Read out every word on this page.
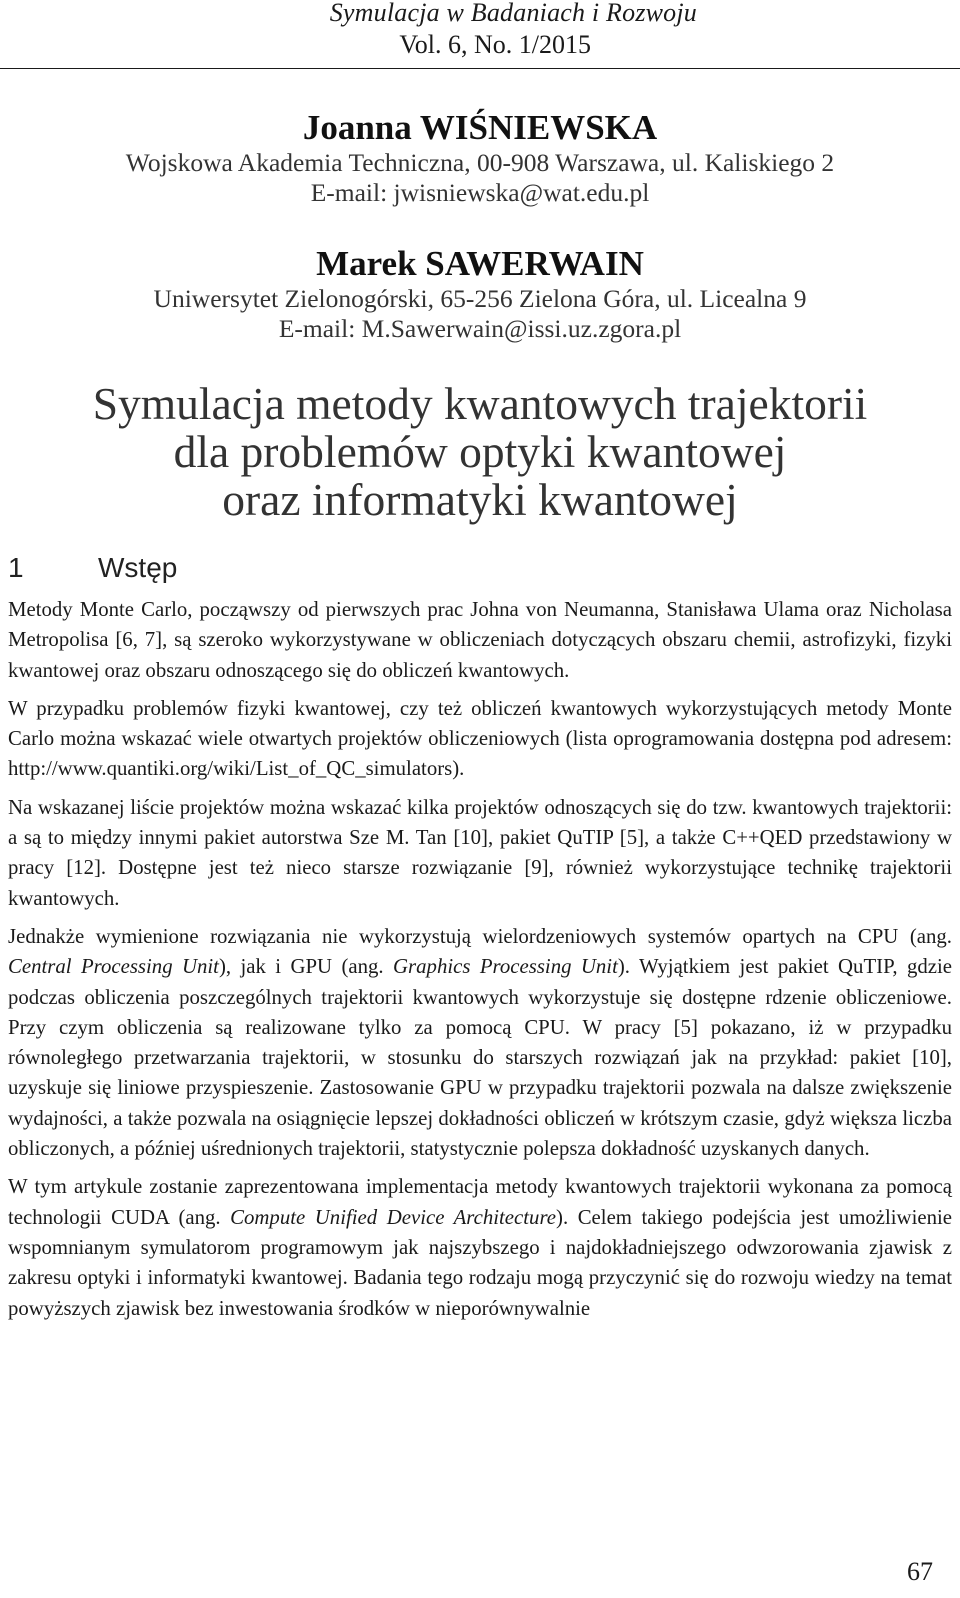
Symulacja w Badaniach i Rozwoju
Vol. 6, No. 1/2015
Joanna WIŚNIEWSKA
Wojskowa Akademia Techniczna, 00-908 Warszawa, ul. Kaliskiego 2
E-mail: jwisniewska@wat.edu.pl
Marek SAWERWAIN
Uniwersytet Zielonogórski, 65-256 Zielona Góra, ul. Licealna 9
E-mail: M.Sawerwain@issi.uz.zgora.pl
Symulacja metody kwantowych trajektorii
dla problemów optyki kwantowej
oraz informatyki kwantowej
1	Wstęp

Metody Monte Carlo, począwszy od pierwszych prac Johna von Neumanna, Stanisława Ulama oraz Nicholasa Metropolisa [6, 7], są szeroko wykorzystywane w obliczeniach dotyczących obszaru chemii, astrofizyki, fizyki kwantowej oraz obszaru odnoszącego się do obliczeń kwantowych.

W przypadku problemów fizyki kwantowej, czy też obliczeń kwantowych wykorzystujących metody Monte Carlo można wskazać wiele otwartych projektów obliczeniowych (lista oprogramowania dostępna pod adresem: http://www.quantiki.org/wiki/List_of_QC_simulators).

Na wskazanej liście projektów można wskazać kilka projektów odnoszących się do tzw. kwantowych trajektorii: a są to między innymi pakiet autorstwa Sze M. Tan [10], pakiet QuTIP [5], a także C++QED przedstawiony w pracy [12]. Dostępne jest też nieco starsze rozwiązanie [9], również wykorzystujące technikę trajektorii kwantowych.

Jednakże wymienione rozwiązania nie wykorzystują wielordzeniowych systemów opartych na CPU (ang. Central Processing Unit), jak i GPU (ang. Graphics Processing Unit). Wyjątkiem jest pakiet QuTIP, gdzie podczas obliczenia poszczególnych trajektorii kwantowych wykorzystuje się dostępne rdzenie obliczeniowe. Przy czym obliczenia są realizowane tylko za pomocą CPU. W pracy [5] pokazano, iż w przypadku równoległego przetwarzania trajektorii, w stosunku do starszych rozwiązań jak na przykład: pakiet [10], uzyskuje się liniowe przyspieszenie. Zastosowanie GPU w przypadku trajektorii pozwala na dalsze zwiększenie wydajności, a także pozwala na osiągnięcie lepszej dokładności obliczeń w krótszym czasie, gdyż większa liczba obliczonych, a później uśrednionych trajektorii, statystycznie polepsza dokładność uzyskanych danych.

W tym artykule zostanie zaprezentowana implementacja metody kwantowych trajektorii wykonana za pomocą technologii CUDA (ang. Compute Unified Device Architecture). Celem takiego podejścia jest umożliwienie wspomnianym symulatorom programowym jak najszybszego i najdokładniejszego odwzorowania zjawisk z zakresu optyki i informatyki kwantowej. Badania tego rodzaju mogą przyczynić się do rozwoju wiedzy na temat powyższych zjawisk bez inwestowania środków w nieporównywalnie

67
